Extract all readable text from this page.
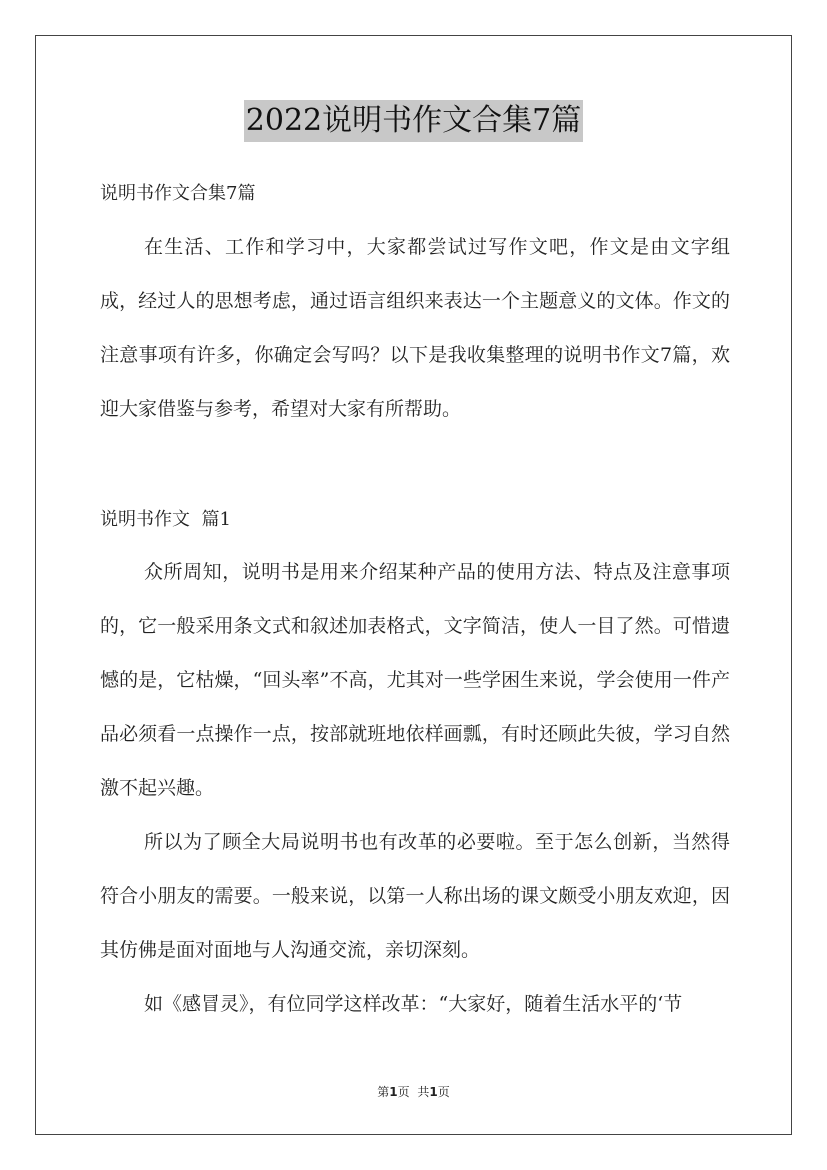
2022说明书作文合集7篇
说明书作文合集7篇

在生活、工作和学习中，大家都尝试过写作文吧，作文是由文字组成，经过人的思想考虑，通过语言组织来表达一个主题意义的文体。作文的注意事项有许多，你确定会写吗？以下是我收集整理的说明书作文7篇，欢迎大家借鉴与参考，希望对大家有所帮助。

说明书作文  篇1

众所周知，说明书是用来介绍某种产品的使用方法、特点及注意事项的，它一般采用条文式和叙述加表格式，文字简洁，使人一目了然。可惜遗憾的是，它枯燥，“回头率”不高，尤其对一些学困生来说，学会使用一件产品必须看一点操作一点，按部就班地依样画瓢，有时还顾此失彼，学习自然激不起兴趣。

所以为了顾全大局说明书也有改革的必要啦。至于怎么创新，当然得符合小朋友的需要。一般来说，以第一人称出场的课文颇受小朋友欢迎，因其仿佛是面对面地与人沟通交流，亲切深刻。

如《感冒灵》，有位同学这样改革：“大家好，随着生活水平的‘节

第1页 共1页
